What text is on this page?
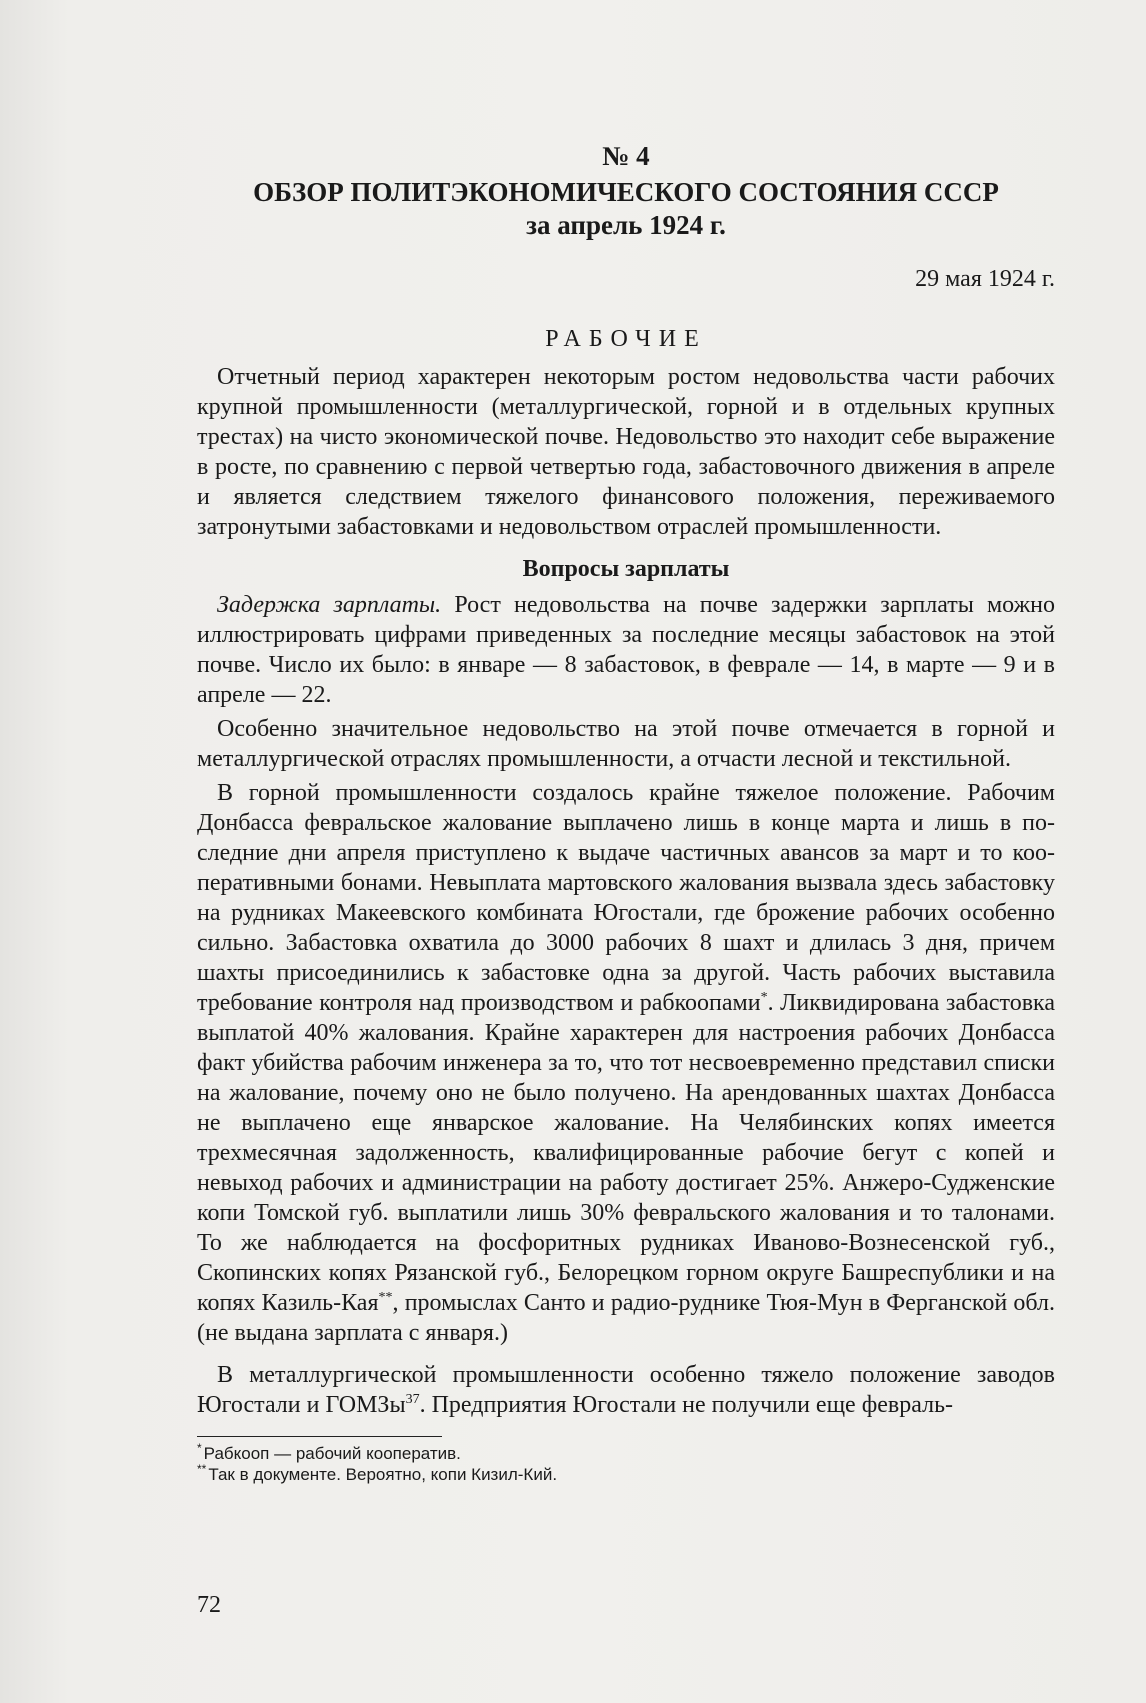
№ 4
ОБЗОР ПОЛИТЭКОНОМИЧЕСКОГО СОСТОЯНИЯ СССР
за апрель 1924 г.
29 мая 1924 г.
РАБОЧИЕ

Отчетный период характерен некоторым ростом недовольства части рабочих крупной промышленности (металлургической, горной и в отдельных крупных трестах) на чисто экономической почве. Недовольство это находит себе выражение в росте, по сравнению с первой четвертью года, забастовочного движения в апреле и является следствием тяжелого финансового положения, переживаемого затронутыми забастовками и недовольством отраслей промышленности.

Вопросы зарплаты

Задержка зарплаты. Рост недовольства на почве задержки зарплаты можно иллюстрировать цифрами приведенных за последние месяцы забастовок на этой почве. Число их было: в январе — 8 забастовок, в феврале — 14, в марте — 9 и в апреле — 22.

Особенно значительное недовольство на этой почве отмечается в горной и металлургической отраслях промышленности, а отчасти лесной и текстильной.

В горной промышленности создалось крайне тяжелое положение. Рабочим Донбасса февральское жалование выплачено лишь в конце марта и лишь в последние дни апреля приступлено к выдаче частичных авансов за март и то кооперативными бонами. Невыплата мартовского жалования вызвала здесь забастовку на рудниках Макеевского комбината Югостали, где брожение рабочих особенно сильно. Забастовка охватила до 3000 рабочих 8 шахт и длилась 3 дня, причем шахты присоединились к забастовке одна за другой. Часть рабочих выставила требование контроля над производством и рабкоопами*. Ликвидирована забастовка выплатой 40% жалования. Крайне характерен для настроения рабочих Донбасса факт убийства рабочим инженера за то, что тот несвоевременно представил списки на жалование, почему оно не было получено. На арендованных шахтах Донбасса не выплачено еще январское жалование. На Челябинских копях имеется трехмесячная задолженность, квалифицированные рабочие бегут с копей и невыход рабочих и администрации на работу достигает 25%. Анжеро-Судженские копи Томской губ. выплатили лишь 30% февральского жалования и то талонами. То же наблюдается на фосфоритных рудниках Иваново-Вознесенской губ., Скопинских копях Рязанской губ., Белорецком горном округе Башреспублики и на копях Казиль-Кая**, промыслах Санто и радио-руднике Тюя-Мун в Ферганской обл. (не выдана зарплата с января.)

В металлургической промышленности особенно тяжело положение заводов Югостали и ГОМЗы$^{37}$. Предприятия Югостали не получили еще февраль-

* Рабкооп — рабочий кооператив.

** Так в документе. Вероятно, копи Кизил-Кий.

72
